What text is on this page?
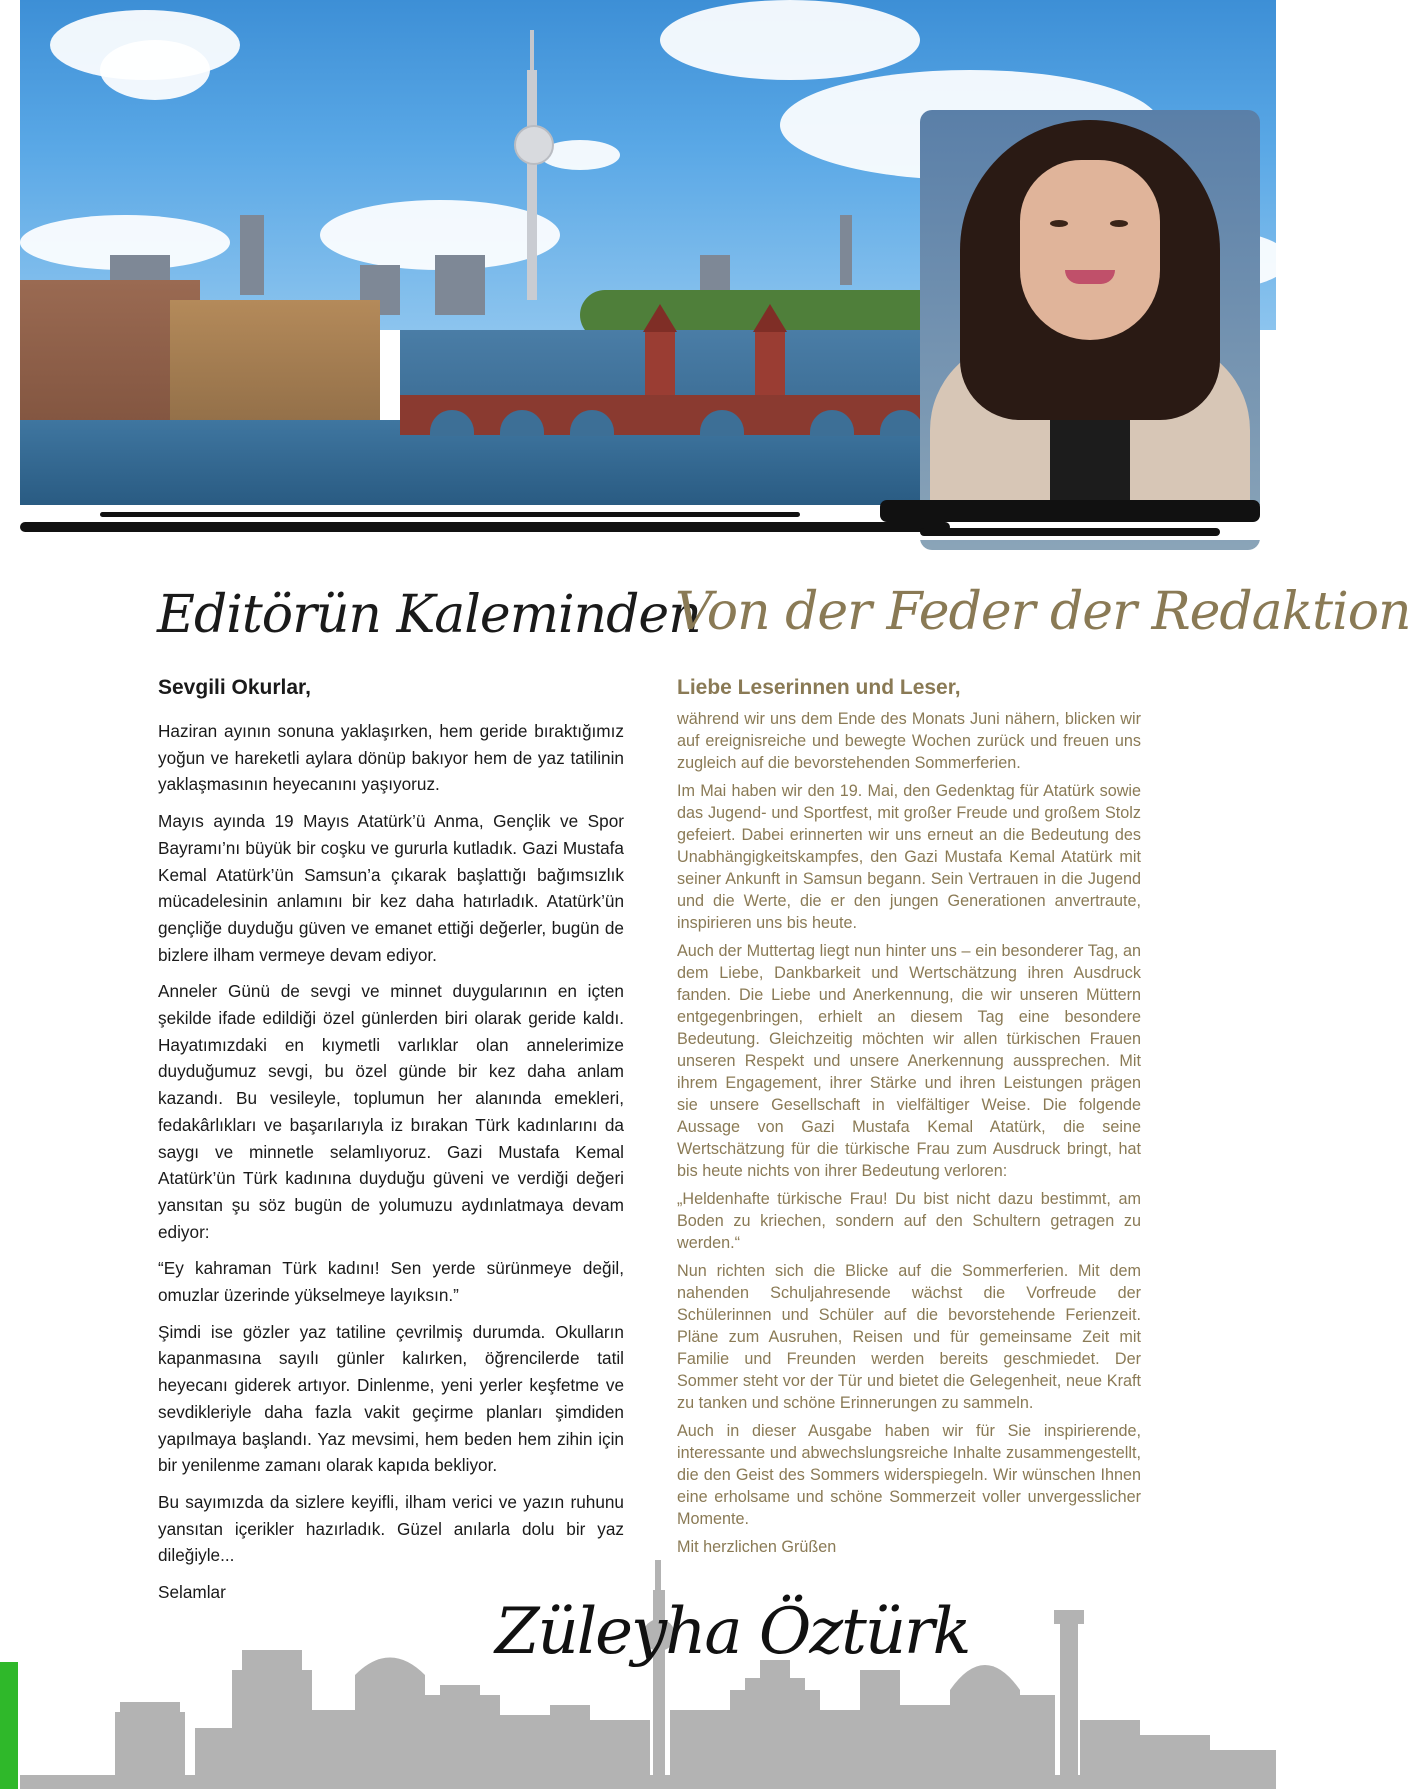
Editörün Kaleminden
Von der Feder der Redaktion
Sevgili Okurlar,

Haziran ayının sonuna yaklaşırken, hem geride bıraktığımız yoğun ve hareketli aylara dönüp bakıyor hem de yaz tatilinin yaklaşmasının heyecanını yaşıyoruz.

Mayıs ayında 19 Mayıs Atatürk’ü Anma, Gençlik ve Spor Bayramı’nı büyük bir coşku ve gururla kutladık. Gazi Mustafa Kemal Atatürk’ün Samsun’a çıkarak başlattığı bağımsızlık mücadelesinin anlamını bir kez daha hatırladık. Atatürk’ün gençliğe duyduğu güven ve emanet ettiği değerler, bugün de bizlere ilham vermeye devam ediyor.

Anneler Günü de sevgi ve minnet duygularının en içten şekilde ifade edildiği özel günlerden biri olarak geride kaldı. Hayatımızdaki en kıymetli varlıklar olan annelerimize duyduğumuz sevgi, bu özel günde bir kez daha anlam kazandı. Bu vesileyle, toplumun her alanında emekleri, fedakârlıkları ve başarılarıyla iz bırakan Türk kadınlarını da saygı ve minnetle selamlıyoruz. Gazi Mustafa Kemal Atatürk’ün Türk kadınına duyduğu güveni ve verdiği değeri yansıtan şu söz bugün de yolumuzu aydınlatmaya devam ediyor:

“Ey kahraman Türk kadını! Sen yerde sürünmeye değil, omuzlar üzerinde yükselmeye layıksın.”

Şimdi ise gözler yaz tatiline çevrilmiş durumda. Okulların kapanmasına sayılı günler kalırken, öğrencilerde tatil heyecanı giderek artıyor. Dinlenme, yeni yerler keşfetme ve sevdikleriyle daha fazla vakit geçirme planları şimdiden yapılmaya başlandı. Yaz mevsimi, hem beden hem zihin için bir yenilenme zamanı olarak kapıda bekliyor.

Bu sayımızda da sizlere keyifli, ilham verici ve yazın ruhunu yansıtan içerikler hazırladık. Güzel anılarla dolu bir yaz dileğiyle...

Selamlar

Liebe Leserinnen und Leser,

während wir uns dem Ende des Monats Juni nähern, blicken wir auf ereignisreiche und bewegte Wochen zurück und freuen uns zugleich auf die bevorstehenden Sommerferien.

Im Mai haben wir den 19. Mai, den Gedenktag für Atatürk sowie das Jugend- und Sportfest, mit großer Freude und großem Stolz gefeiert. Dabei erinnerten wir uns erneut an die Bedeutung des Unabhängigkeitskampfes, den Gazi Mustafa Kemal Atatürk mit seiner Ankunft in Samsun begann. Sein Vertrauen in die Jugend und die Werte, die er den jungen Generationen anvertraute, inspirieren uns bis heute.

Auch der Muttertag liegt nun hinter uns – ein besonderer Tag, an dem Liebe, Dankbarkeit und Wertschätzung ihren Ausdruck fanden. Die Liebe und Anerkennung, die wir unseren Müttern entgegenbringen, erhielt an diesem Tag eine besondere Bedeutung. Gleichzeitig möchten wir allen türkischen Frauen unseren Respekt und unsere Anerkennung aussprechen. Mit ihrem Engagement, ihrer Stärke und ihren Leistungen prägen sie unsere Gesellschaft in vielfältiger Weise. Die folgende Aussage von Gazi Mustafa Kemal Atatürk, die seine Wertschätzung für die türkische Frau zum Ausdruck bringt, hat bis heute nichts von ihrer Bedeutung verloren:

„Heldenhafte türkische Frau! Du bist nicht dazu bestimmt, am Boden zu kriechen, sondern auf den Schultern getragen zu werden.“

Nun richten sich die Blicke auf die Sommerferien. Mit dem nahenden Schuljahresende wächst die Vorfreude der Schülerinnen und Schüler auf die bevorstehende Ferienzeit. Pläne zum Ausruhen, Reisen und für gemeinsame Zeit mit Familie und Freunden werden bereits geschmiedet. Der Sommer steht vor der Tür und bietet die Gelegenheit, neue Kraft zu tanken und schöne Erinnerungen zu sammeln.

Auch in dieser Ausgabe haben wir für Sie inspirierende, interessante und abwechslungsreiche Inhalte zusammengestellt, die den Geist des Sommers widerspiegeln. Wir wünschen Ihnen eine erholsame und schöne Sommerzeit voller unvergesslicher Momente.

Mit herzlichen Grüßen

Züleyha Öztürk
